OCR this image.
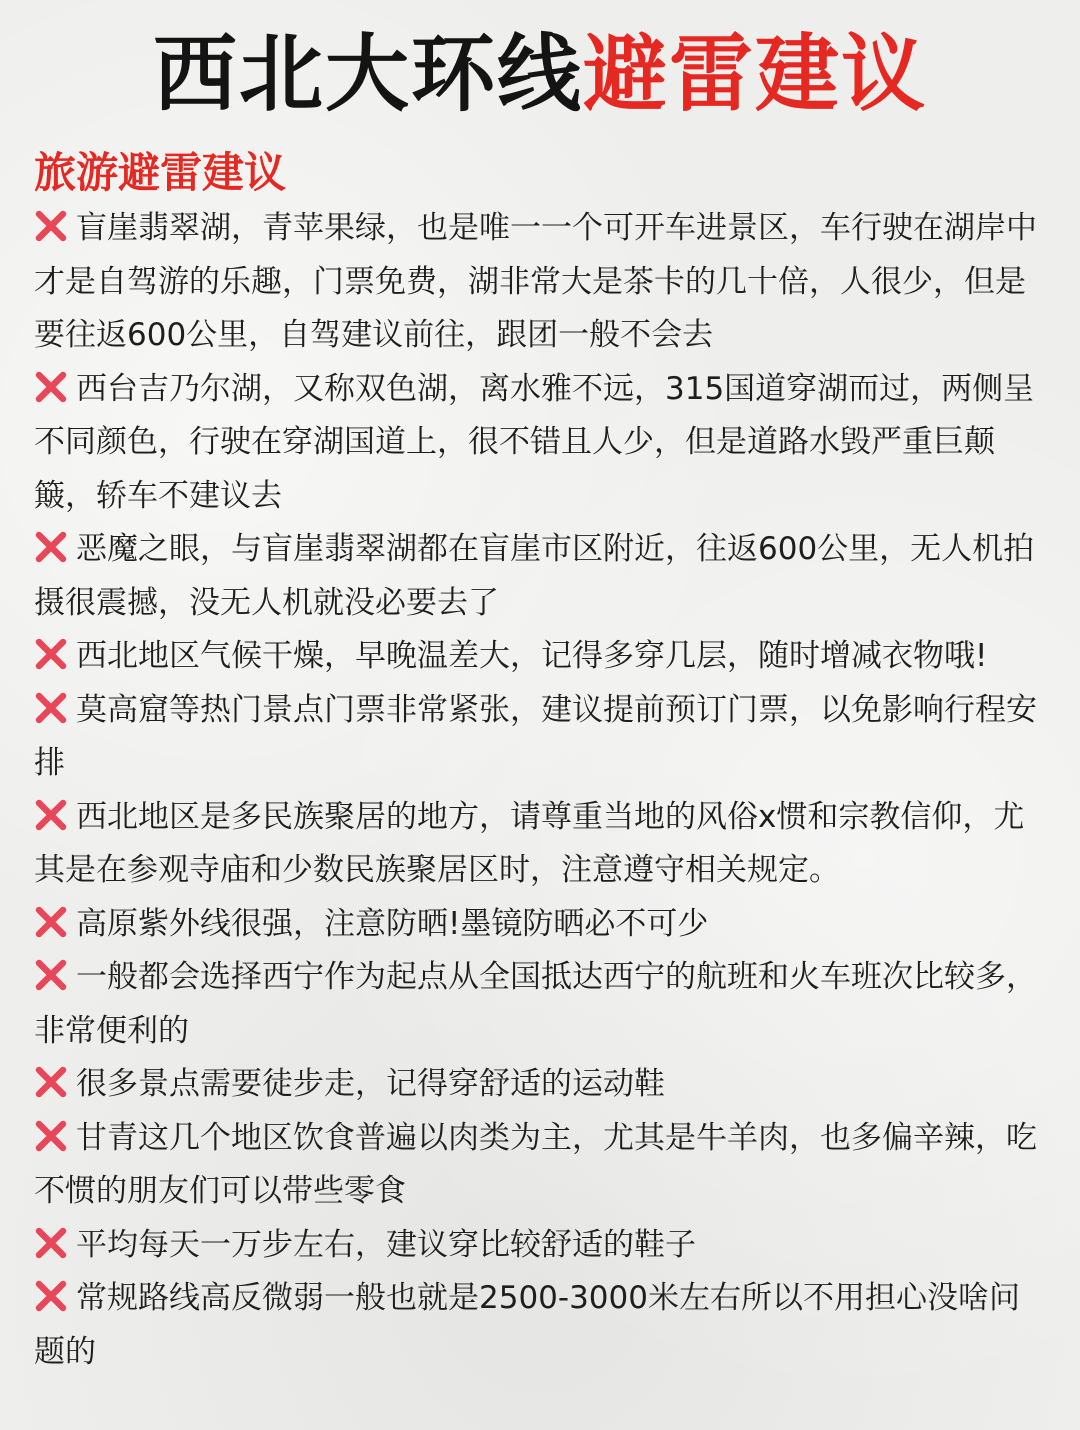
西北大环线避雷建议
旅游避雷建议
盲崖翡翠湖，青苹果绿，也是唯一一个可开车进景区，车行驶在湖岸中才是自驾游的乐趣，门票免费，湖非常大是茶卡的几十倍，人很少，但是要往返600公里，自驾建议前往，跟团一般不会去
西台吉乃尔湖，又称双色湖，离水雅不远，315国道穿湖而过，两侧呈不同颜色，行驶在穿湖国道上，很不错且人少，但是道路水毁严重巨颠簸，轿车不建议去
恶魔之眼，与盲崖翡翠湖都在盲崖市区附近，往返600公里，无人机拍摄很震撼，没无人机就没必要去了
西北地区气候干燥，早晚温差大，记得多穿几层，随时增减衣物哦!
莫高窟等热门景点门票非常紧张，建议提前预订门票，以免影响行程安排
西北地区是多民族聚居的地方，请尊重当地的风俗x惯和宗教信仰，尤其是在参观寺庙和少数民族聚居区时，注意遵守相关规定。
高原紫外线很强，注意防晒!墨镜防晒必不可少
一般都会选择西宁作为起点从全国抵达西宁的航班和火车班次比较多，非常便利的
很多景点需要徒步走，记得穿舒适的运动鞋
甘青这几个地区饮食普遍以肉类为主，尤其是牛羊肉，也多偏辛辣，吃不惯的朋友们可以带些零食
平均每天一万步左右，建议穿比较舒适的鞋子
常规路线高反微弱一般也就是2500-3000米左右所以不用担心没啥问题的
